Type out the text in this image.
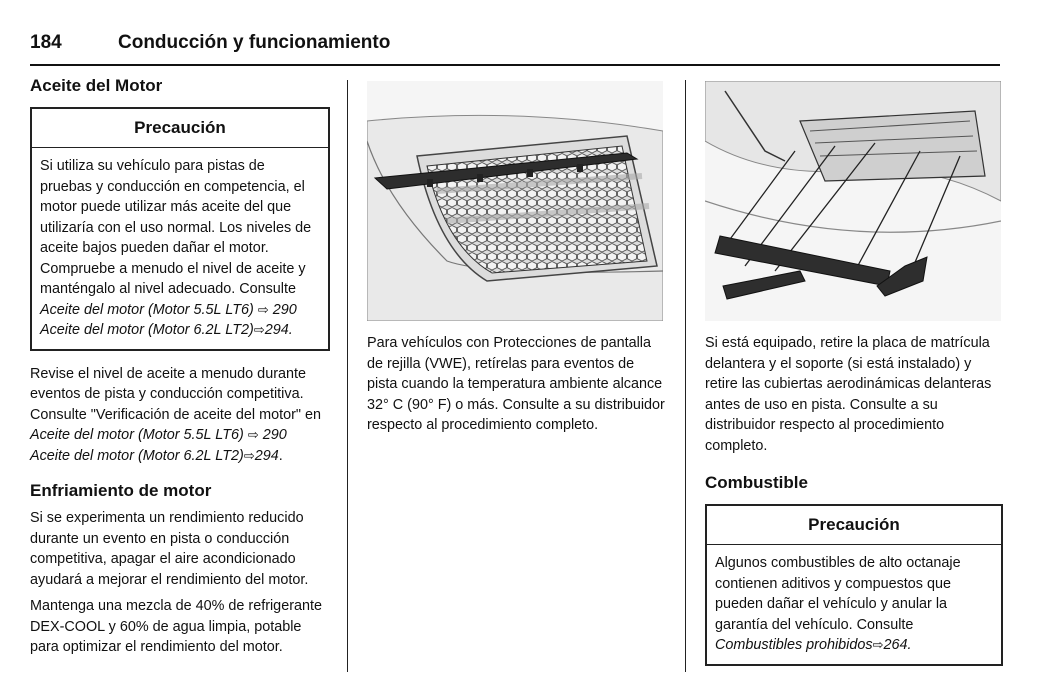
184	Conducción y funcionamiento
Aceite del Motor
Precaución

Si utiliza su vehículo para pistas de pruebas y conducción en competencia, el motor puede utilizar más aceite del que utilizaría con el uso normal. Los niveles de aceite bajos pueden dañar el motor. Compruebe a menudo el nivel de aceite y manténgalo al nivel adecuado. Consulte Aceite del motor (Motor 5.5L LT6) ⇨ 290 Aceite del motor (Motor 6.2L LT2)⇨294.

Revise el nivel de aceite a menudo durante eventos de pista y conducción competitiva. Consulte "Verificación de aceite del motor" en Aceite del motor (Motor 5.5L LT6) ⇨ 290 Aceite del motor (Motor 6.2L LT2)⇨294.

Enfriamiento de motor

Si se experimenta un rendimiento reducido durante un evento en pista o conducción competitiva, apagar el aire acondicionado ayudará a mejorar el rendimiento del motor.

Mantenga una mezcla de 40% de refrigerante DEX-COOL y 60% de agua limpia, potable para optimizar el rendimiento del motor.

Para vehículos con Protecciones de pantalla de rejilla (VWE), retírelas para eventos de pista cuando la temperatura ambiente alcance 32° C (90° F) o más. Consulte a su distribuidor respecto al procedimiento completo.

Si está equipado, retire la placa de matrícula delantera y el soporte (si está instalado) y retire las cubiertas aerodinámicas delanteras antes de uso en pista. Consulte a su distribuidor respecto al procedimiento completo.

Combustible
Precaución

Algunos combustibles de alto octanaje contienen aditivos y compuestos que pueden dañar el vehículo y anular la garantía del vehículo. Consulte Combustibles prohibidos⇨264.
